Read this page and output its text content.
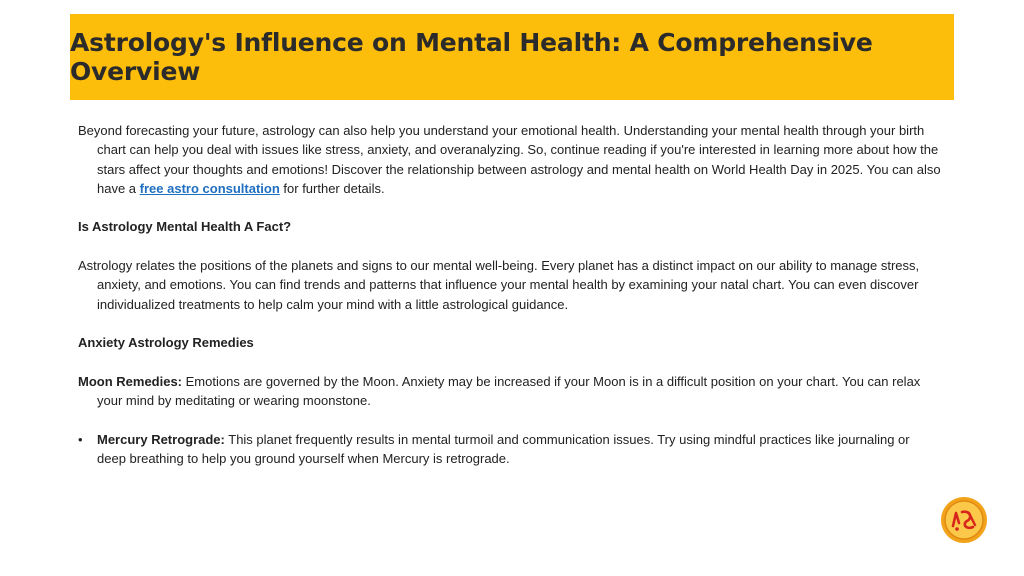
Astrology's Influence on Mental Health: A Comprehensive Overview

Beyond forecasting your future, astrology can also help you understand your emotional health. Understanding your mental health through your birth chart can help you deal with issues like stress, anxiety, and overanalyzing. So, continue reading if you're interested in learning more about how the stars affect your thoughts and emotions! Discover the relationship between astrology and mental health on World Health Day in 2025. You can also have a free astro consultation for further details.

Is Astrology Mental Health A Fact?

Astrology relates the positions of the planets and signs to our mental well-being. Every planet has a distinct impact on our ability to manage stress, anxiety, and emotions. You can find trends and patterns that influence your mental health by examining your natal chart. You can even discover individualized treatments to help calm your mind with a little astrological guidance.

Anxiety Astrology Remedies

Moon Remedies: Emotions are governed by the Moon. Anxiety may be increased if your Moon is in a difficult position on your chart. You can relax your mind by meditating or wearing moonstone.

• Mercury Retrograde: This planet frequently results in mental turmoil and communication issues. Try using mindful practices like journaling or deep breathing to help you ground yourself when Mercury is retrograde.
